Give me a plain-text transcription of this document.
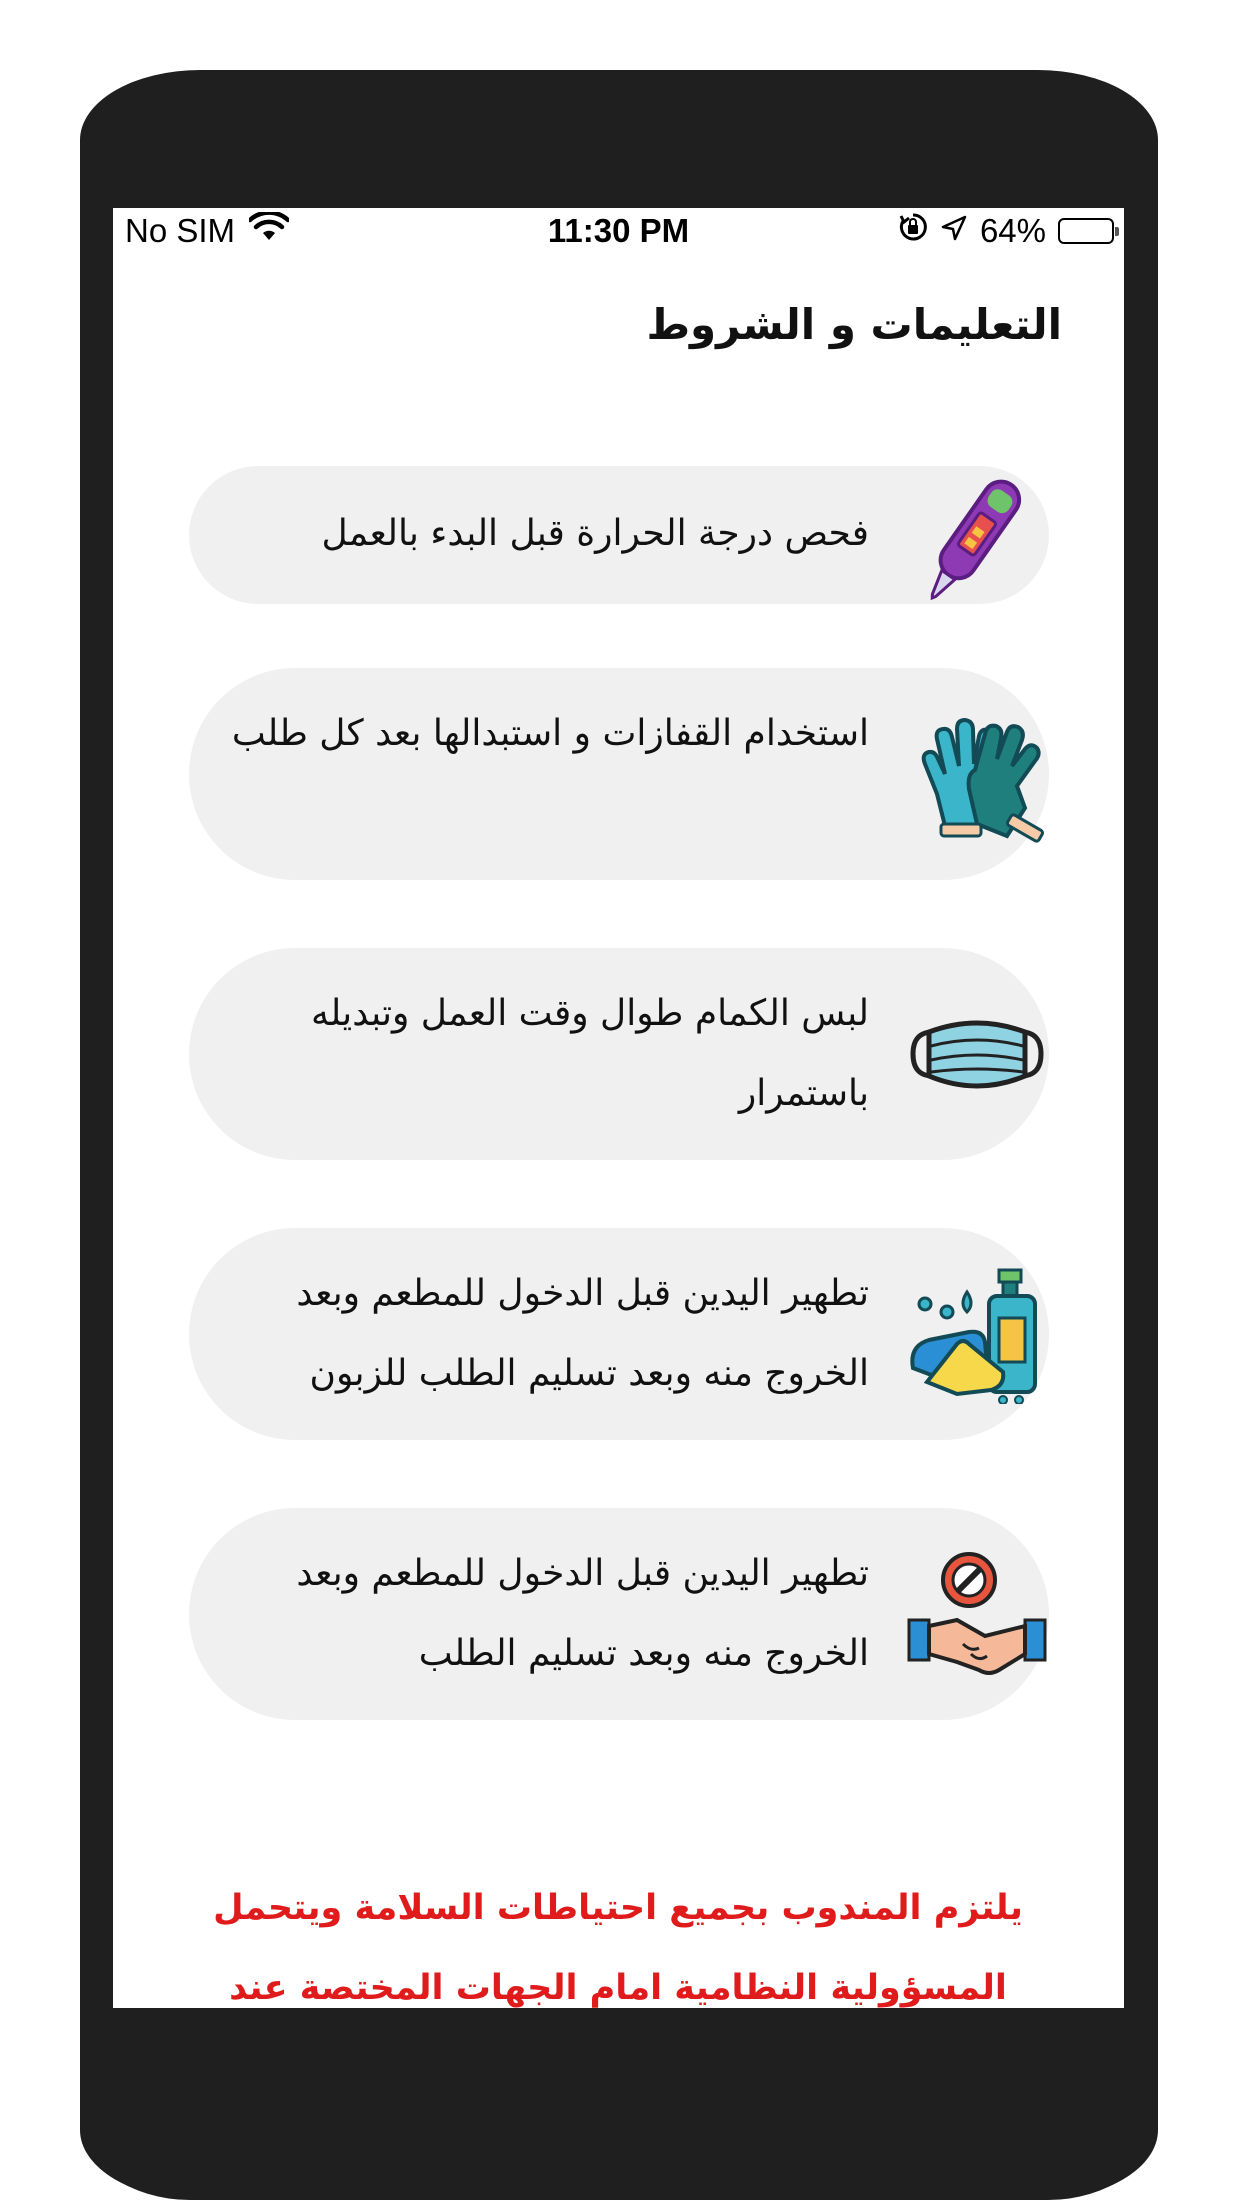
No SIM	11:30 PM	64%
التعليمات و الشروط
فحص درجة الحرارة قبل البدء بالعمل
استخدام القفازات و استبدالها بعد كل طلب
لبس الكمام طوال وقت العمل وتبديله باستمرار
تطهير اليدين قبل الدخول للمطعم وبعد الخروج منه وبعد تسليم الطلب للزبون
تطهير اليدين قبل الدخول للمطعم وبعد الخروج منه وبعد تسليم الطلب
يلتزم المندوب بجميع احتياطات السلامة ويتحمل المسؤولية النظامية امام الجهات المختصة عند
